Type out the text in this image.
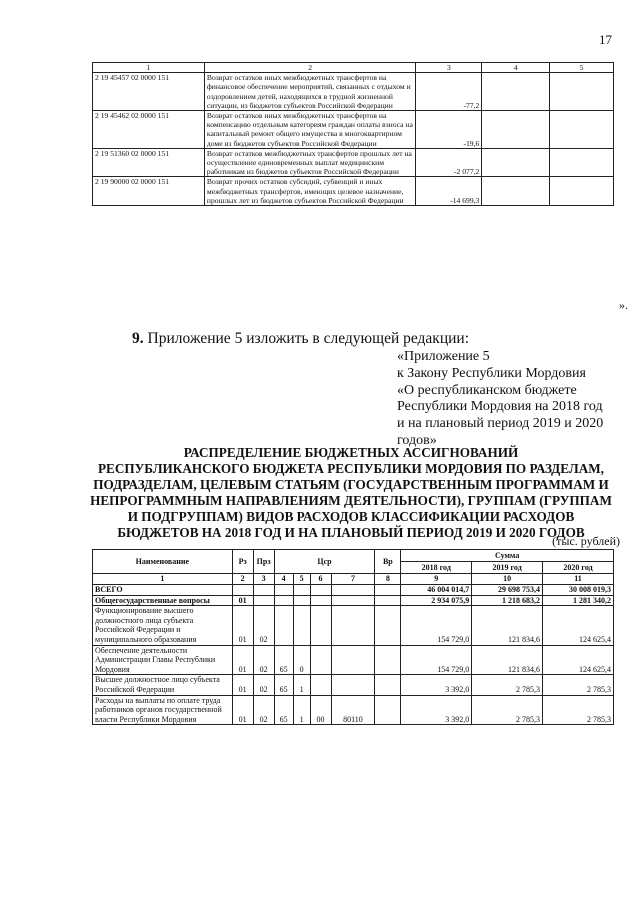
17
1	2	3	4	5
2 19 45457 02 0000 151	Возврат остатков иных межбюджетных трансфертов на финансовое обеспечение мероприятий, связанных с отдыхом и оздоровлением детей, находящихся в трудной жизненной ситуации, из бюджетов субъектов Российской Федерации	-77,2		
2 19 45462 02 0000 151	Возврат остатков иных межбюджетных трансфертов на компенсацию отдельным категориям граждан оплаты взноса на капитальный ремонт общего имущества в многоквартирном доме из бюджетов субъектов Российской Федерации	-19,6		
2 19 51360 02 0000 151	Возврат остатков межбюджетных трансфертов прошлых лет на осуществление единовременных выплат медицинским работникам из бюджетов субъектов Российской Федерации	-2 077,2		
2 19 90000 02 0000 151	Возврат прочих остатков субсидий, субвенций и иных межбюджетных трансфертов, имеющих целевое назначение, прошлых лет из бюджетов субъектов Российской Федерации	-14 699,3		
».
9. Приложение 5 изложить в следующей редакции:
«Приложение 5
к Закону Республики Мордовия
«О республиканском бюджете
Республики Мордовия на 2018 год
и на плановый период 2019 и 2020
годов»
РАСПРЕДЕЛЕНИЕ БЮДЖЕТНЫХ АССИГНОВАНИЙ
РЕСПУБЛИКАНСКОГО БЮДЖЕТА РЕСПУБЛИКИ МОРДОВИЯ ПО РАЗДЕЛАМ,
ПОДРАЗДЕЛАМ, ЦЕЛЕВЫМ СТАТЬЯМ (ГОСУДАРСТВЕННЫМ ПРОГРАММАМ И
НЕПРОГРАММНЫМ НАПРАВЛЕНИЯМ ДЕЯТЕЛЬНОСТИ), ГРУППАМ (ГРУППАМ
И ПОДГРУППАМ) ВИДОВ РАСХОДОВ КЛАССИФИКАЦИИ РАСХОДОВ
БЮДЖЕТОВ НА 2018 ГОД И НА ПЛАНОВЫЙ ПЕРИОД 2019 И 2020 ГОДОВ
(тыс. рублей)
Наименование	Рз	Прз	Цср				Вр	Сумма		
								2018 год	2019 год	2020 год
1	2	3	4	5	6	7	8	9	10	11
ВСЕГО								46 004 014,7	29 698 753,4	30 008 019,3
Общегосударственные вопросы	01							2 934 075,9	1 218 683,2	1 281 340,2
Функционирование высшего должностного лица субъекта Российской Федерации и муниципального образования	01	02						154 729,0	121 834,6	124 625,4
Обеспечение деятельности Администрации Главы Республики Мордовия	01	02	65	0				154 729,0	121 834,6	124 625,4
Высшее должностное лицо субъекта Российской Федерации	01	02	65	1				3 392,0	2 785,3	2 785,3
Расходы на выплаты по оплате труда работников органов государственной власти Республики Мордовия	01	02	65	1	00	80110		3 392,0	2 785,3	2 785,3
